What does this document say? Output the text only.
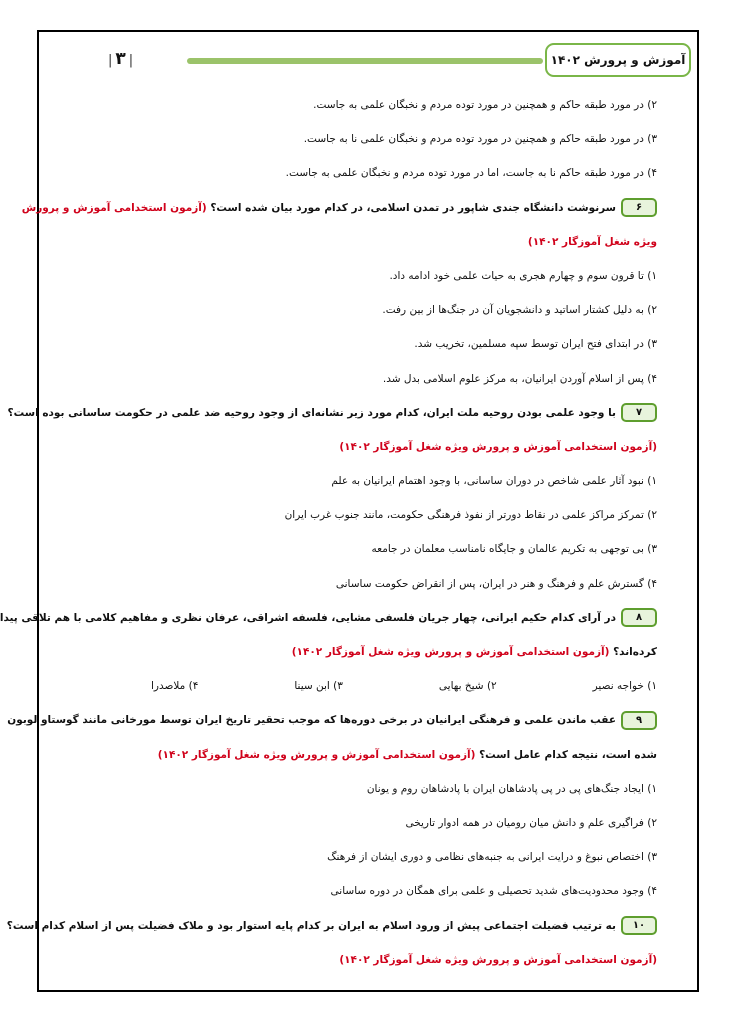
آموزش و پرورش ۱۴۰۲
| ۳ |
۲) در مورد طبقه حاکم و همچنین در مورد توده مردم و نخبگان علمی به جاست.
۳) در مورد طبقه حاکم و همچنین در مورد توده مردم و نخبگان علمی نا به جاست.
۴) در مورد طبقه حاکم نا به جاست، اما در مورد توده مردم و نخبگان علمی به جاست.
۶سرنوشت دانشگاه جندی شاپور در تمدن اسلامی، در کدام مورد بیان شده است؟ (آزمون استخدامی آموزش و پرورش
ویژه شغل آموزگار ۱۴۰۲)
۱) تا قرون سوم و چهارم هجری به حیات علمی خود ادامه داد.
۲) به دلیل کشتار اساتید و دانشجویان آن در جنگ‌ها از بین رفت.
۳) در ابتدای فتح ایران توسط سپه مسلمین، تخریب شد.
۴) پس از اسلام آوردن ایرانیان، به مرکز علوم اسلامی بدل شد.
۷با وجود علمی بودن روحیه ملت ایران، کدام مورد زیر نشانه‌ای از وجود روحیه ضد علمی در حکومت ساسانی بوده است؟
(آزمون استخدامی آموزش و پرورش ویژه شغل آموزگار ۱۴۰۲)
۱) نبود آثار علمی شاخص در دوران ساسانی، با وجود اهتمام ایرانیان به علم
۲) تمرکز مراکز علمی در نقاط دورتر از نفوذ فرهنگی حکومت، مانند جنوب غرب ایران
۳) بی توجهی به تکریم عالمان و جایگاه نامناسب معلمان در جامعه
۴) گسترش علم و فرهنگ و هنر در ایران، پس از انقراض حکومت ساسانی
۸در آرای کدام حکیم ایرانی، چهار جریان فلسفی مشایی، فلسفه اشراقی، عرفان نظری و مفاهیم کلامی با هم تلاقی پیدا
کرده‌اند؟ (آزمون استخدامی آموزش و پرورش ویژه شغل آموزگار ۱۴۰۲)
۱) خواجه نصیر
۲) شیخ بهایی
۳) ابن سینا
۴) ملاصدرا
۹عقب ماندن علمی و فرهنگی ایرانیان در برخی دوره‌ها که موجب تحقیر تاریخ ایران توسط مورخانی مانند گوستاو لوبون
شده است، نتیجه کدام عامل است؟ (آزمون استخدامی آموزش و پرورش ویژه شغل آموزگار ۱۴۰۲)
۱) ایجاد جنگ‌های پی در پی پادشاهان ایران با پادشاهان روم و یونان
۲) فراگیری علم و دانش میان رومیان در همه ادوار تاریخی
۳) اختصاص نبوغ و درایت ایرانی به جنبه‌های نظامی و دوری ایشان از فرهنگ
۴) وجود محدودیت‌های شدید تحصیلی و علمی برای همگان در دوره ساسانی
۱۰به ترتیب فضیلت اجتماعی پیش از ورود اسلام به ایران بر کدام پایه استوار بود و ملاک فضیلت پس از اسلام کدام است؟
(آزمون استخدامی آموزش و پرورش ویژه شغل آموزگار ۱۴۰۲)
